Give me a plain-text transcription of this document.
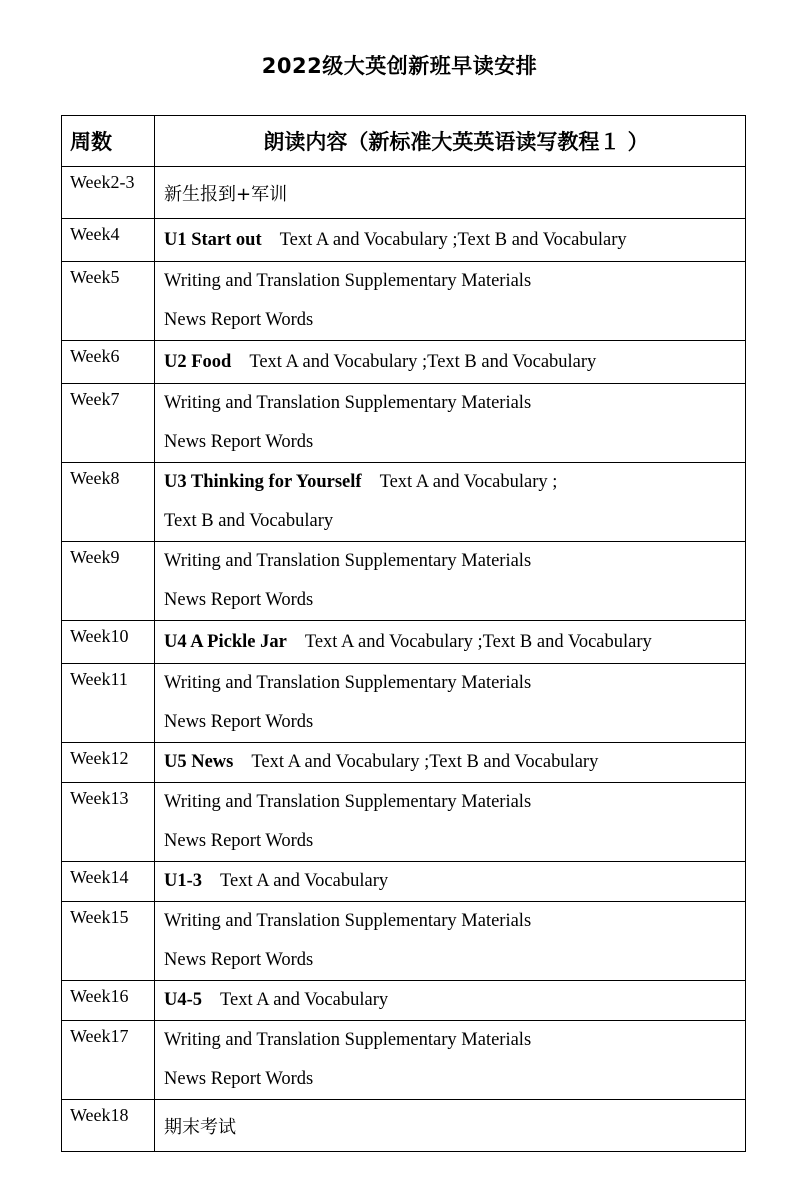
2022级大英创新班早读安排
周数	朗读内容（新标准大英英语读写教程１ ）
Week2-3	新生报到+军训

Week4	U1 Start out Text A and Vocabulary ;Text B and Vocabulary

Week5	Writing and Translation Supplementary Materials
News Report Words

Week6	U2 Food Text A and Vocabulary ;Text B and Vocabulary

Week7	Writing and Translation Supplementary Materials
News Report Words

Week8	U3 Thinking for Yourself Text A and Vocabulary ;
Text B and Vocabulary

Week9	Writing and Translation Supplementary Materials
News Report Words

Week10	U4 A Pickle Jar Text A and Vocabulary ;Text B and Vocabulary

Week11	Writing and Translation Supplementary Materials
News Report Words

Week12	U5 News Text A and Vocabulary ;Text B and Vocabulary

Week13	Writing and Translation Supplementary Materials
News Report Words

Week14	U1-3 Text A and Vocabulary

Week15	Writing and Translation Supplementary Materials
News Report Words

Week16	U4-5 Text A and Vocabulary

Week17	Writing and Translation Supplementary Materials
News Report Words

Week18	期末考试
